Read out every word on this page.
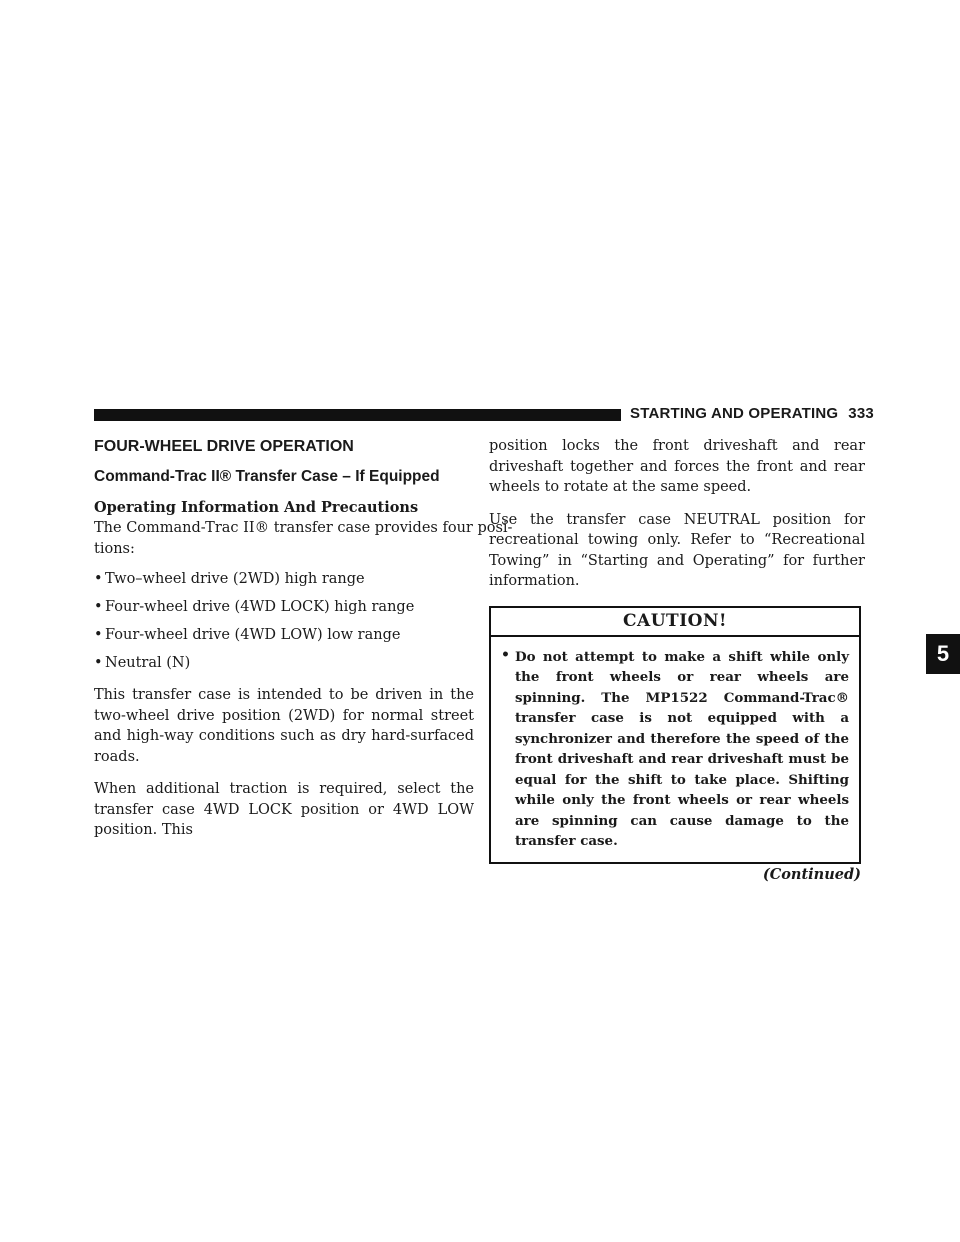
STARTING AND OPERATING 333
FOUR-WHEEL DRIVE OPERATION
Command-Trac II® Transfer Case – If Equipped
Operating Information And Precautions
The Command-Trac II® transfer case provides four posi-
tions:
• Two–wheel drive (2WD) high range
• Four-wheel drive (4WD LOCK) high range
• Four-wheel drive (4WD LOW) low range
• Neutral (N)

This transfer case is intended to be driven in the two-wheel drive position (2WD) for normal street and high-way conditions such as dry hard-surfaced roads.

When additional traction is required, select the transfer case 4WD LOCK position or 4WD LOW position. This

position locks the front driveshaft and rear driveshaft together and forces the front and rear wheels to rotate at the same speed.

Use the transfer case NEUTRAL position for recreational towing only. Refer to “Recreational Towing” in “Starting and Operating” for further information.

CAUTION!
• Do not attempt to make a shift while only the front wheels or rear wheels are spinning. The MP1522 Command-Trac® transfer case is not equipped with a synchronizer and therefore the speed of the front driveshaft and rear driveshaft must be equal for the shift to take place. Shifting while only the front wheels or rear wheels are spinning can cause damage to the transfer case.
(Continued)
5
